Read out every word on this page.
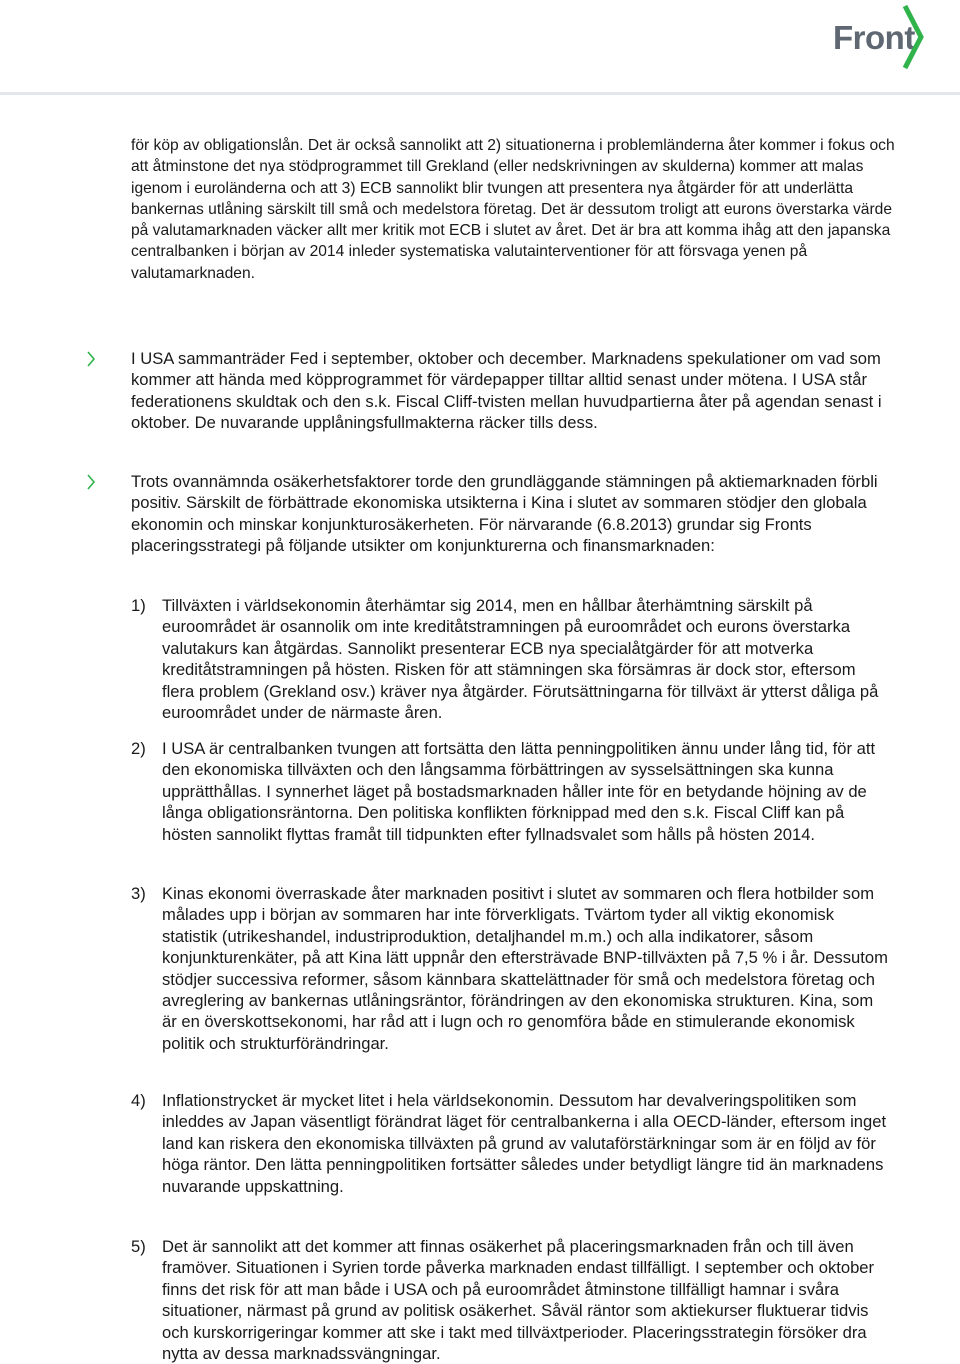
Front

för köp av obligationslån. Det är också sannolikt att 2) situationerna i problemländerna åter kommer i fokus och att åtminstone det nya stödprogrammet till Grekland (eller nedskrivningen av skulderna) kommer att malas igenom i euroländerna och att 3) ECB sannolikt blir tvungen att presentera nya åtgärder för att underlätta bankernas utlåning särskilt till små och medelstora företag. Det är dessutom troligt att eurons överstarka värde på valutamarknaden väcker allt mer kritik mot ECB i slutet av året. Det är bra att komma ihåg att den japanska centralbanken i början av 2014 inleder systematiska valutainterventioner för att försvaga yenen på valutamarknaden.

I USA sammanträder Fed i september, oktober och december. Marknadens spekulationer om vad som kommer att hända med köpprogrammet för värdepapper tilltar alltid senast under mötena. I USA står federationens skuldtak och den s.k. Fiscal Cliff-tvisten mellan huvudpartierna åter på agendan senast i oktober. De nuvarande upplåningsfullmakterna räcker tills dess.

Trots ovannämnda osäkerhetsfaktorer torde den grundläggande stämningen på aktiemarknaden förbli positiv. Särskilt de förbättrade ekonomiska utsikterna i Kina i slutet av sommaren stödjer den globala ekonomin och minskar konjunkturosäkerheten. För närvarande (6.8.2013) grundar sig Fronts placeringsstrategi på följande utsikter om konjunkturerna och finansmarknaden:

1) Tillväxten i världsekonomin återhämtar sig 2014, men en hållbar återhämtning särskilt på euroområdet är osannolik om inte kreditåtstramningen på euroområdet och eurons överstarka valutakurs kan åtgärdas. Sannolikt presenterar ECB nya specialåtgärder för att motverka kreditåtstramningen på hösten. Risken för att stämningen ska försämras är dock stor, eftersom flera problem (Grekland osv.) kräver nya åtgärder. Förutsättningarna för tillväxt är ytterst dåliga på euroområdet under de närmaste åren.

2) I USA är centralbanken tvungen att fortsätta den lätta penningpolitiken ännu under lång tid, för att den ekonomiska tillväxten och den långsamma förbättringen av sysselsättningen ska kunna upprätthållas. I synnerhet läget på bostadsmarknaden håller inte för en betydande höjning av de långa obligationsräntorna. Den politiska konflikten förknippad med den s.k. Fiscal Cliff kan på hösten sannolikt flyttas framåt till tidpunkten efter fyllnadsvalet som hålls på hösten 2014.

3) Kinas ekonomi överraskade åter marknaden positivt i slutet av sommaren och flera hotbilder som målades upp i början av sommaren har inte förverkligats. Tvärtom tyder all viktig ekonomisk statistik (utrikeshandel, industriproduktion, detaljhandel m.m.) och alla indikatorer, såsom konjunkturenkäter, på att Kina lätt uppnår den eftersträvade BNP-tillväxten på 7,5 % i år. Dessutom stödjer successiva reformer, såsom kännbara skattelättnader för små och medelstora företag och avreglering av bankernas utlåningsräntor, förändringen av den ekonomiska strukturen. Kina, som är en överskottsekonomi, har råd att i lugn och ro genomföra både en stimulerande ekonomisk politik och strukturförändringar.

4) Inflationstrycket är mycket litet i hela världsekonomin. Dessutom har devalveringspolitiken som inleddes av Japan väsentligt förändrat läget för centralbankerna i alla OECD-länder, eftersom inget land kan riskera den ekonomiska tillväxten på grund av valutaförstärkningar som är en följd av för höga räntor. Den lätta penningpolitiken fortsätter således under betydligt längre tid än marknadens nuvarande uppskattning.

5) Det är sannolikt att det kommer att finnas osäkerhet på placeringsmarknaden från och till även framöver. Situationen i Syrien torde påverka marknaden endast tillfälligt. I september och oktober finns det risk för att man både i USA och på euroområdet åtminstone tillfälligt hamnar i svåra situationer, närmast på grund av politisk osäkerhet. Såväl räntor som aktiekurser fluktuerar tidvis och kurskorrigeringar kommer att ske i takt med tillväxtperioder. Placeringsstrategin försöker dra nytta av dessa marknadssvängningar.
